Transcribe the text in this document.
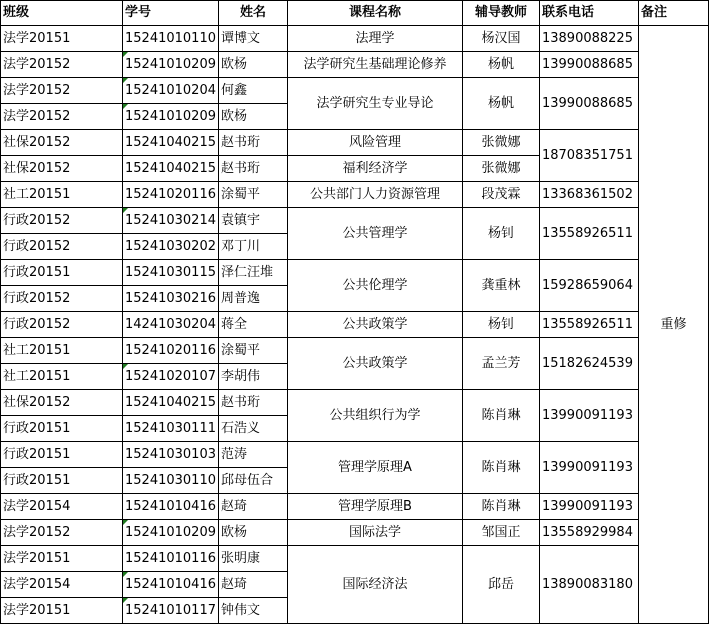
班级	学号	姓名	课程名称	辅导教师	联系电话	备注
法学20151	15241010110	谭博文	法理学	杨汉国	13890088225	重修
法学20152	15241010209	欧杨	法学研究生基础理论修养	杨帆	13990088685	
法学20152	15241010204	何鑫	法学研究生专业导论	杨帆	13990088685	
法学20152	15241010209	欧杨				
社保20152	15241040215	赵书珩	风险管理	张微娜	18708351751	
社保20152	15241040215	赵书珩	福利经济学	张微娜		
社工20151	15241020116	涂蜀平	公共部门人力资源管理	段茂霖	13368361502	
行政20152	15241030214	袁镇宇	公共管理学	杨钊	13558926511	
行政20152	15241030202	邓丁川				
行政20151	15241030115	泽仁汪堆	公共伦理学	龚重林	15928659064	
行政20152	15241030216	周普逸				
行政20152	14241030204	蒋全	公共政策学	杨钊	13558926511	
社工20151	15241020116	涂蜀平	公共政策学	孟兰芳	15182624539	
社工20151	15241020107	李胡伟				
社保20152	15241040215	赵书珩	公共组织行为学	陈肖琳	13990091193	
行政20151	15241030111	石浩义				
行政20151	15241030103	范涛	管理学原理A	陈肖琳	13990091193	
行政20151	15241030110	邱母伍合				
法学20154	15241010416	赵琦	管理学原理B	陈肖琳	13990091193	
法学20152	15241010209	欧杨	国际法学	邹国正	13558929984	
法学20151	15241010116	张明康	国际经济法	邱岳	13890083180	
法学20154	15241010416	赵琦				
法学20151	15241010117	钟伟文				
